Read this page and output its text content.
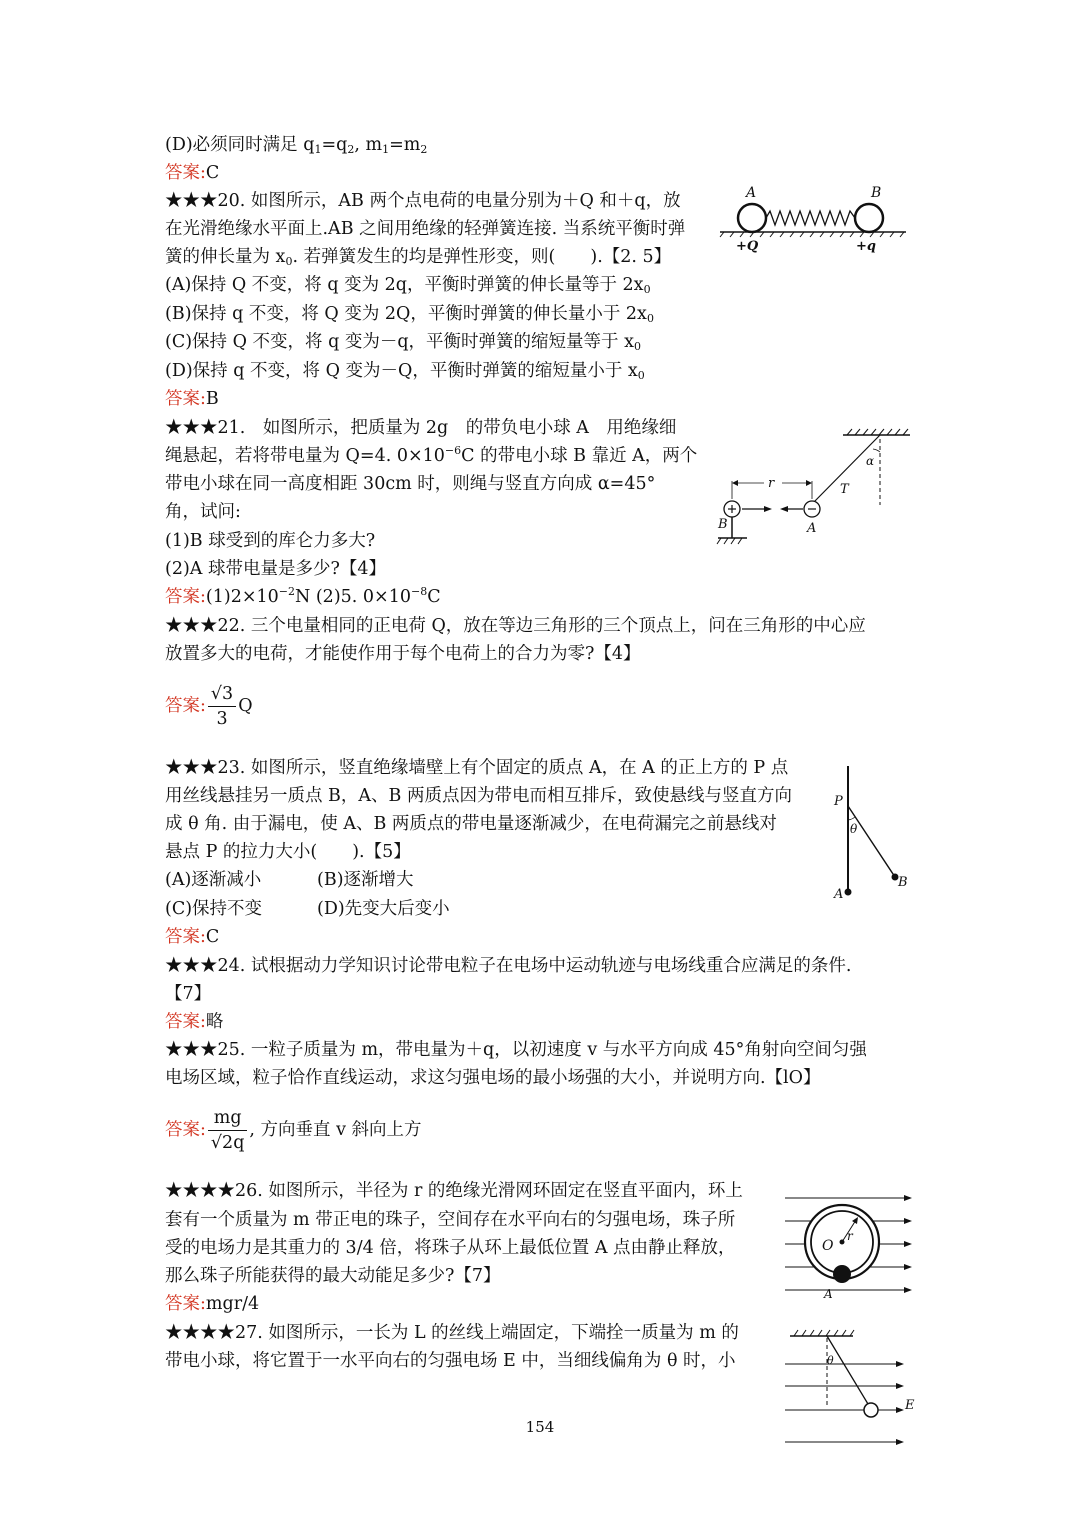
(D)必须同时满足 $q_1=q_2$, $m_1=m_2$
答案:C
★★★20. 如图所示，AB 两个点电荷的电量分别为＋Q 和＋q，放
在光滑绝缘水平面上.AB 之间用绝缘的轻弹簧连接. 当系统平衡时弹
簧的伸长量为 $x_0$. 若弹簧发生的均是弹性形变，则(　　).【2. 5】
(A)保持 Q 不变，将 q 变为 2q，平衡时弹簧的伸长量等于 $2x_0$
(B)保持 q 不变，将 Q 变为 2Q，平衡时弹簧的伸长量小于 $2x_0$
(C)保持 Q 不变，将 q 变为－q，平衡时弹簧的缩短量等于 $x_0$
(D)保持 q 不变，将 Q 变为－Q，平衡时弹簧的缩短量小于 $x_0$
答案:B
A	B
+Q	+q
★★★21.　如图所示，把质量为 2g　的带负电小球 A　用绝缘细
绳悬起，若将带电量为 Q=4. $0\times 10^{-6}C$ 的带电小球 B 靠近 A，两个
带电小球在同一高度相距 30cm 时，则绳与竖直方向成 α=45°
角，试问:
(1)B 球受到的库仑力多大?
(2)A 球带电量是多少?【4】
答案$:(1)2\times 10^{-2}N$ (2)5. $0\times 10^{-8}C$
α
T
r
B	A
★★★22. 三个电量相同的正电荷 Q，放在等边三角形的三个顶点上，问在三角形的中心应
放置多大的电荷，才能使作用于每个电荷上的合力为零?【4】
答案: $\frac{√3}{3}$ Q
★★★23. 如图所示，竖直绝缘墙壁上有个固定的质点 A，在 A 的正上方的 P 点
用丝线悬挂另一质点 B，A、B 两质点因为带电而相互排斥，致使悬线与竖直方向
成 θ 角. 由于漏电，使 A、B 两质点的带电量逐渐减少，在电荷漏完之前悬线对
悬点 P 的拉力大小(　　).【5】
(A)逐渐减小	(B)逐渐增大
(C)保持不变	(D)先变大后变小
答案:C
P
θ
A
B
★★★24. 试根据动力学知识讨论带电粒子在电场中运动轨迹与电场线重合应满足的条件.
【7】
答案:略
★★★25. 一粒子质量为 m，带电量为＋q，以初速度 v 与水平方向成 45°角射向空间匀强
电场区域，粒子恰作直线运动，求这匀强电场的最小场强的大小，并说明方向.【lO】
答案: $\frac{mg}{√2q}$ , 方向垂直 v 斜向上方
★★★★26. 如图所示，半径为 r 的绝缘光滑网环固定在竖直平面内，环上
套有一个质量为 m 带正电的珠子，空间存在水平向右的匀强电场，珠子所
受的电场力是其重力的 3/4 倍，将珠子从环上最低位置 A 点由静止释放，
那么珠子所能获得的最大动能足多少?【7】
答案:mgr/4
O
r
A
★★★★27. 如图所示，一长为 L 的丝线上端固定，下端拴一质量为 m 的
带电小球，将它置于一水平向右的匀强电场 E 中，当细线偏角为 θ 时，小	θ
E
154
